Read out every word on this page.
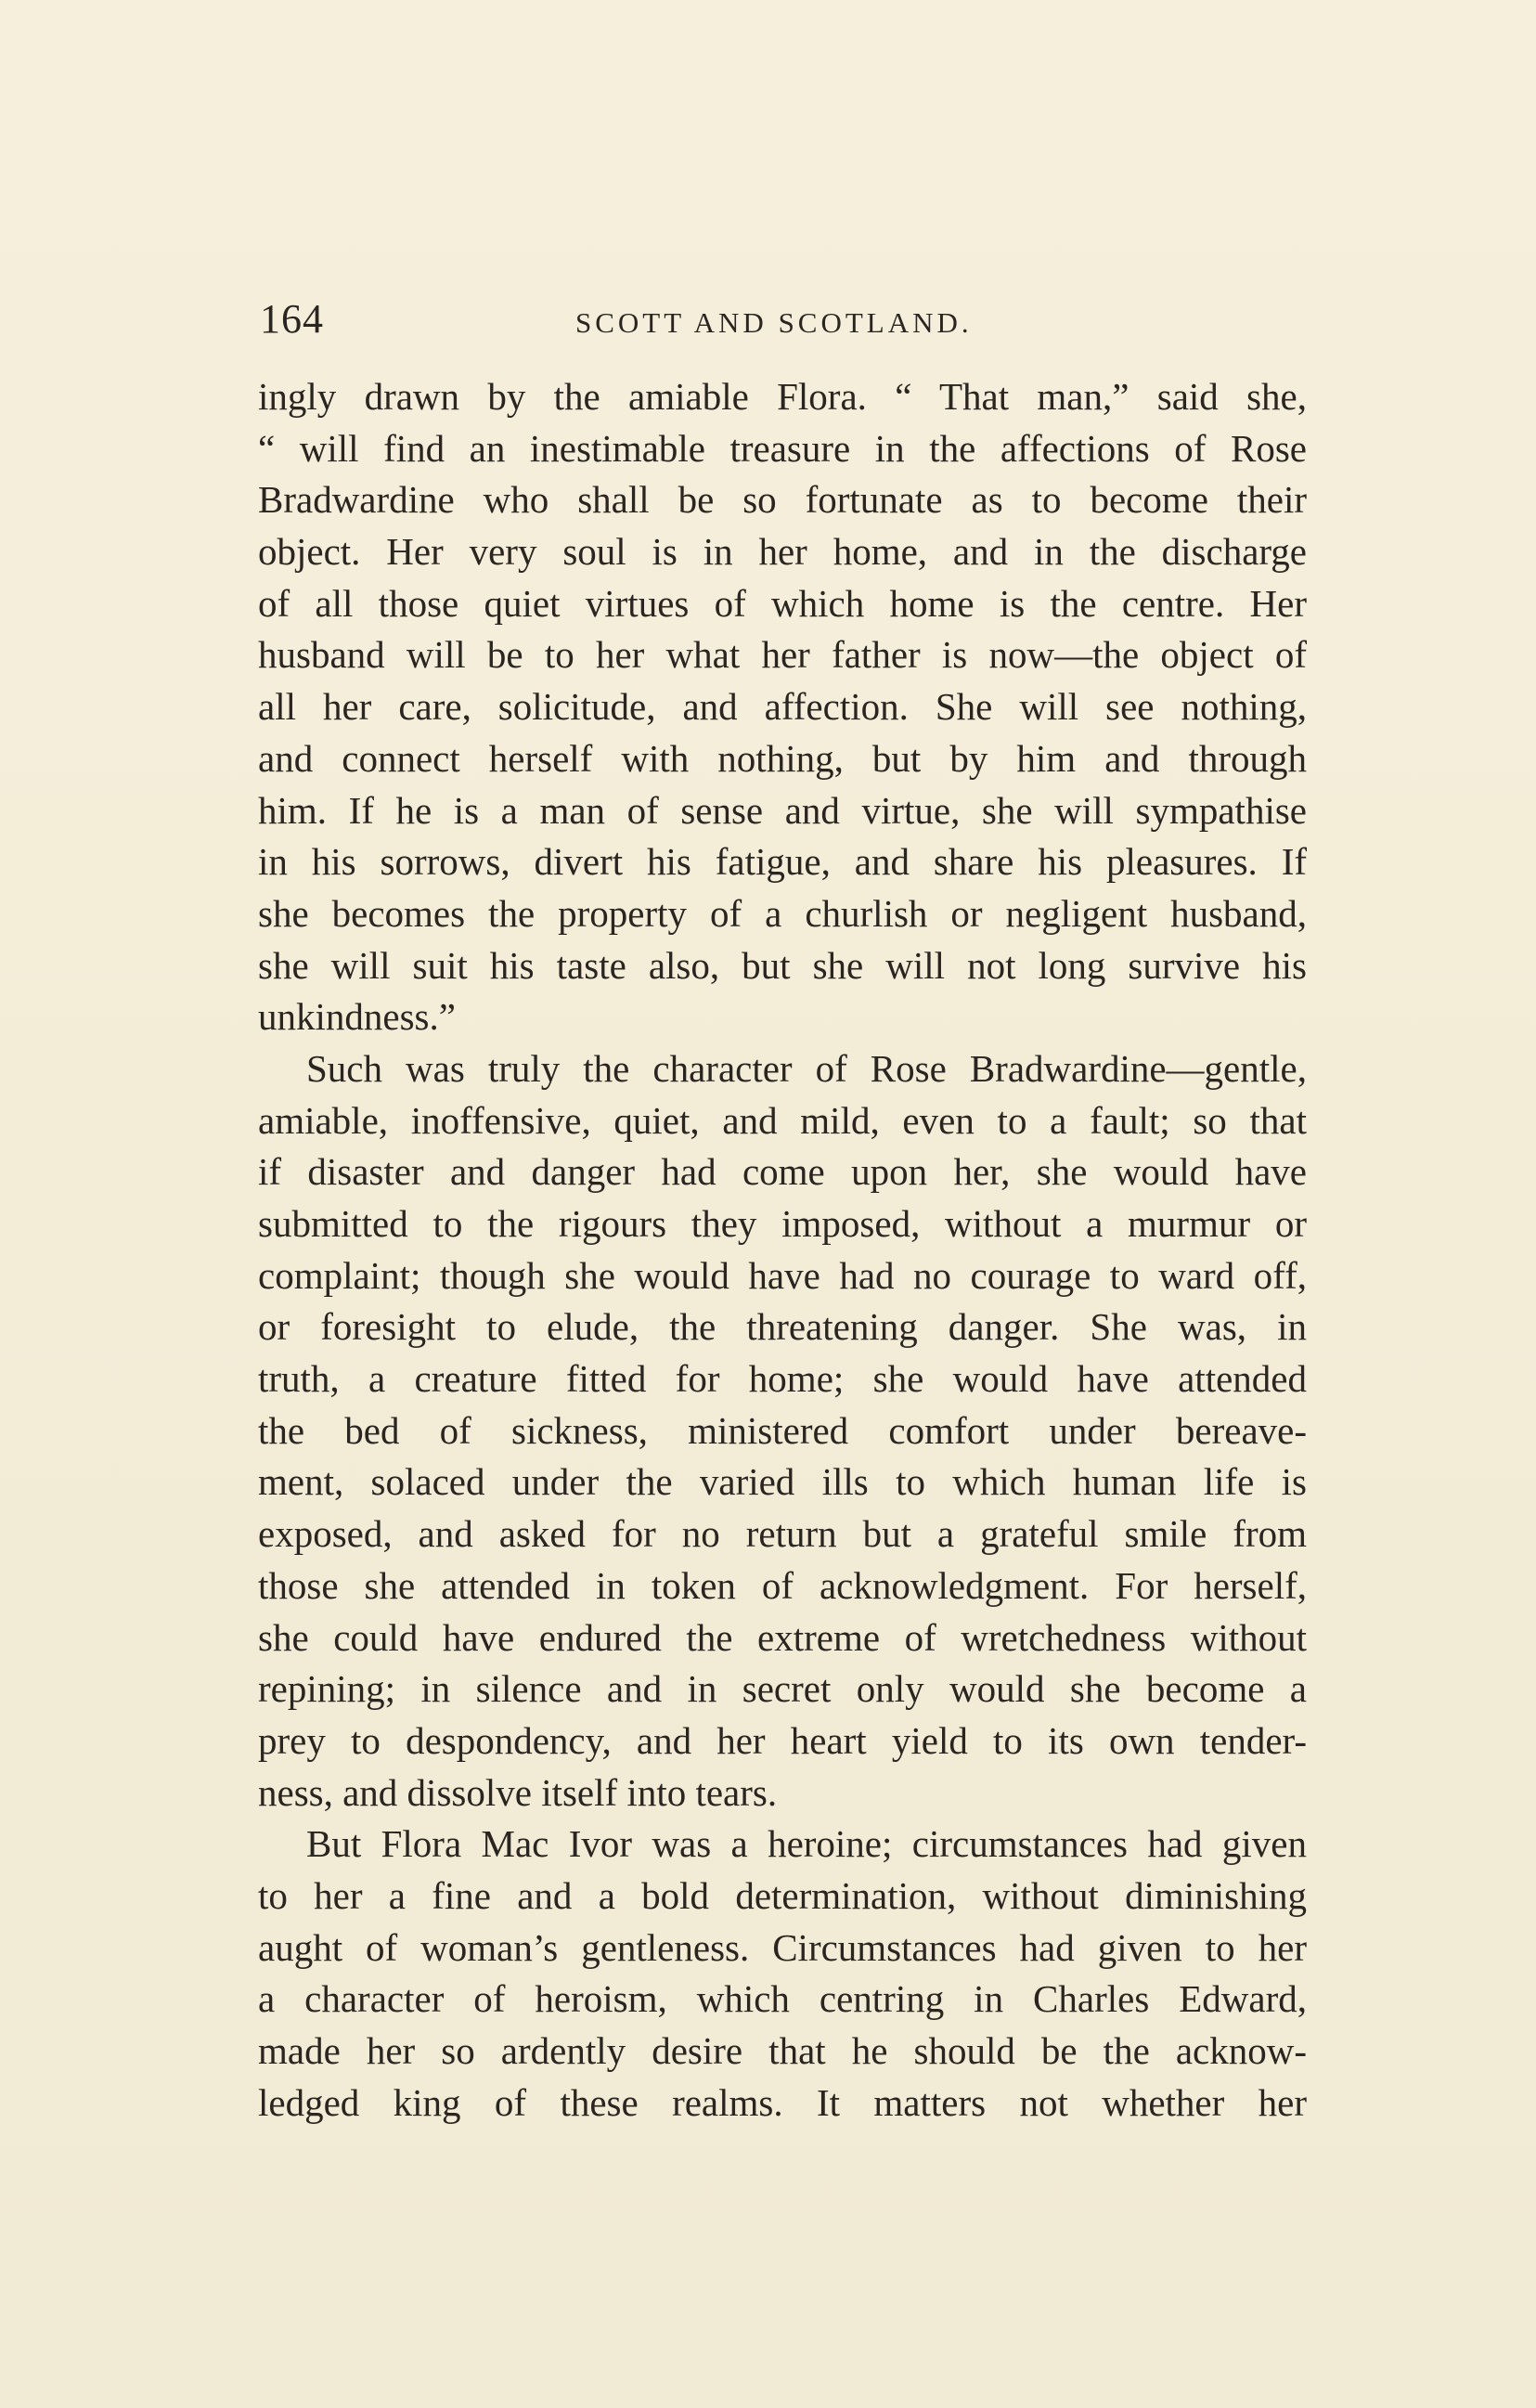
164	SCOTT AND SCOTLAND.
ingly drawn by the amiable Flora. “ That man,” said she,
“ will find an inestimable treasure in the affections of Rose
Bradwardine who shall be so fortunate as to become their
object. Her very soul is in her home, and in the discharge
of all those quiet virtues of which home is the centre. Her
husband will be to her what her father is now—the object of
all her care, solicitude, and affection. She will see nothing,
and connect herself with nothing, but by him and through
him. If he is a man of sense and virtue, she will sympathise
in his sorrows, divert his fatigue, and share his pleasures. If
she becomes the property of a churlish or negligent husband,
she will suit his taste also, but she will not long survive his
unkindness.”
Such was truly the character of Rose Bradwardine—gentle,
amiable, inoffensive, quiet, and mild, even to a fault; so that
if disaster and danger had come upon her, she would have
submitted to the rigours they imposed, without a murmur or
complaint; though she would have had no courage to ward off,
or foresight to elude, the threatening danger. She was, in
truth, a creature fitted for home; she would have attended
the bed of sickness, ministered comfort under bereave-
ment, solaced under the varied ills to which human life is
exposed, and asked for no return but a grateful smile from
those she attended in token of acknowledgment. For herself,
she could have endured the extreme of wretchedness without
repining; in silence and in secret only would she become a
prey to despondency, and her heart yield to its own tender-
ness, and dissolve itself into tears.
But Flora Mac Ivor was a heroine; circumstances had given
to her a fine and a bold determination, without diminishing
aught of woman’s gentleness. Circumstances had given to her
a character of heroism, which centring in Charles Edward,
made her so ardently desire that he should be the acknow-
ledged king of these realms. It matters not whether her
